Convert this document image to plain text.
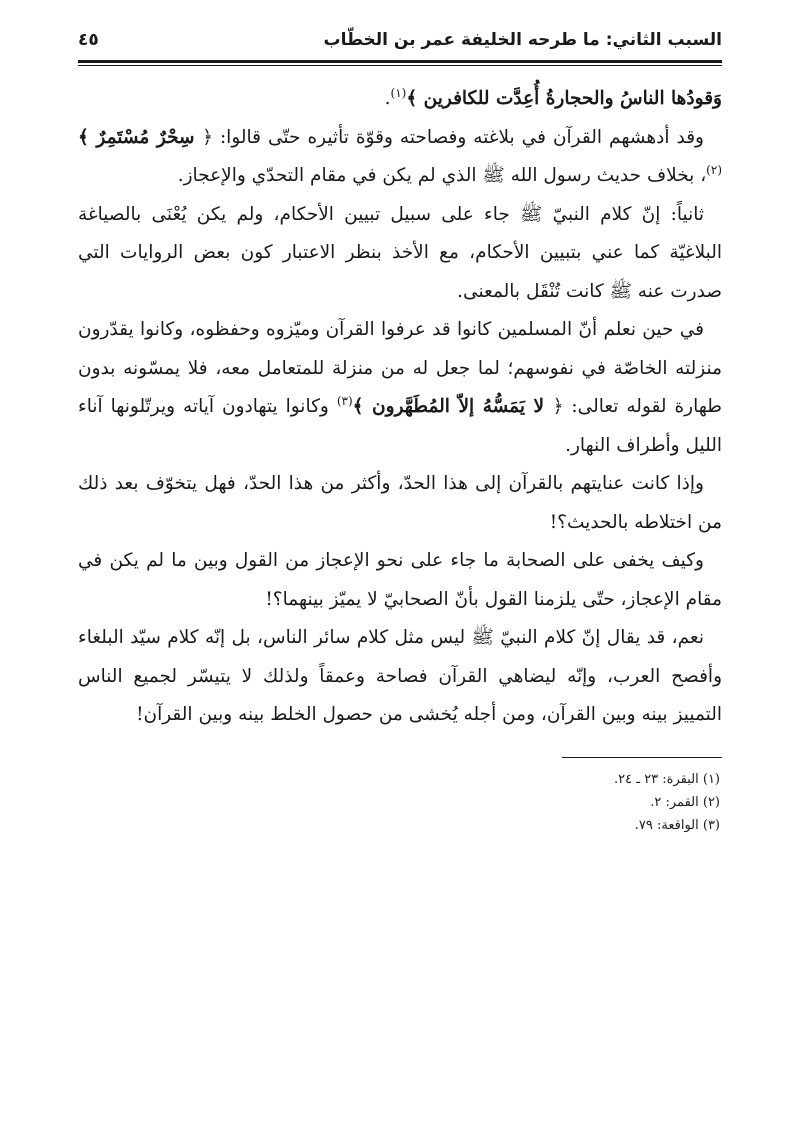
السبب الثاني: ما طرحه الخليفة عمر بن الخطّاب
٤٥

وَقودُها الناسُ والحجارةُ أُعِدَّت للكافرين ﴾$^{(١)}$.

وقد أدهشهم القرآن في بلاغته وفصاحته وقوّة تأثيره حتّى قالوا: ﴿ سِحْرٌ مُسْتَمِرٌ ﴾$^{(٢)}$، بخلاف حديث رسول الله ﷺ الذي لم يكن في مقام التحدّي والإعجاز.

ثانياً: إنّ كلام النبيّ ﷺ جاء على سبيل تبيين الأحكام، ولم يكن يُعْنَى بالصياغة البلاغيّة كما عني بتبيين الأحكام، مع الأخذ بنظر الاعتبار كون بعض الروايات التي صدرت عنه ﷺ كانت تُنْقَل بالمعنى.

في حين نعلم أنّ المسلمين كانوا قد عرفوا القرآن وميّزوه وحفظوه، وكانوا يقدّرون منزلته الخاصّة في نفوسهم؛ لما جعل له من منزلة للمتعامل معه، فلا يمسّونه بدون طهارة لقوله تعالى: ﴿ لا يَمَسُّهُ إلاّ المُطَهَّرون ﴾$^{(٣)}$ وكانوا يتهادون آياته ويرتّلونها آناء الليل وأطراف النهار.

وإذا كانت عنايتهم بالقرآن إلى هذا الحدّ، وأكثر من هذا الحدّ، فهل يتخوّف بعد ذلك من اختلاطه بالحديث؟!

وكيف يخفى على الصحابة ما جاء على نحو الإعجاز من القول وبين ما لم يكن في مقام الإعجاز، حتّى يلزمنا القول بأنّ الصحابيّ لا يميّز بينهما؟!

نعم، قد يقال إنّ كلام النبيّ ﷺ ليس مثل كلام سائر الناس، بل إنّه كلام سيّد البلغاء وأفصح العرب، وإنّه ليضاهي القرآن فصاحة وعمقاً ولذلك لا يتيسّر لجميع الناس التمييز بينه وبين القرآن، ومن أجله يُخشى من حصول الخلط بينه وبين القرآن!

(١) البقرة: ٢٣ ـ ٢٤.
(٢) القمر: ٢.
(٣) الواقعة: ٧٩.
